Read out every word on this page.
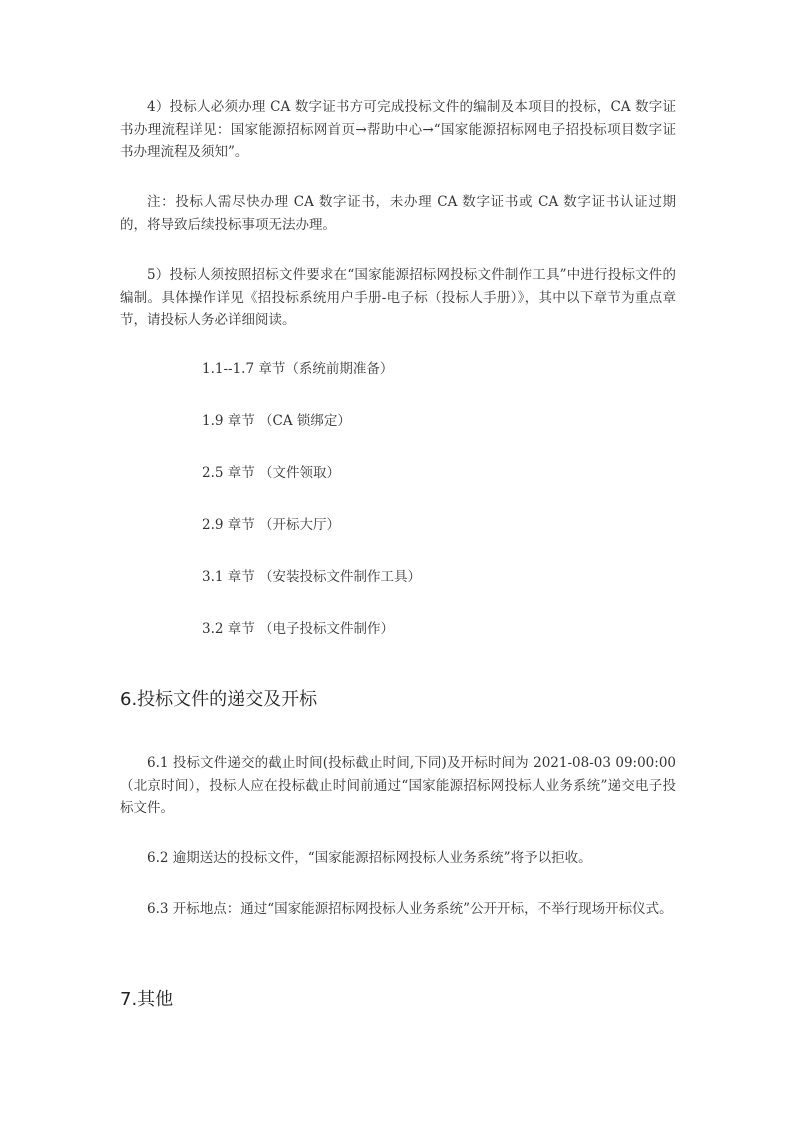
4）投标人必须办理 CA 数字证书方可完成投标文件的编制及本项目的投标，CA 数字证书办理流程详见：国家能源招标网首页→帮助中心→“国家能源招标网电子招投标项目数字证书办理流程及须知”。

注：投标人需尽快办理 CA 数字证书，未办理 CA 数字证书或 CA 数字证书认证过期的，将导致后续投标事项无法办理。

5）投标人须按照招标文件要求在“国家能源招标网投标文件制作工具”中进行投标文件的编制。具体操作详见《招投标系统用户手册-电子标（投标人手册）》，其中以下章节为重点章节，请投标人务必详细阅读。

1.1--1.7 章节（系统前期准备）

1.9 章节 （CA 锁绑定）

2.5 章节 （文件领取）

2.9 章节 （开标大厅）

3.1 章节 （安装投标文件制作工具）

3.2 章节 （电子投标文件制作）

6.投标文件的递交及开标

6.1 投标文件递交的截止时间(投标截止时间,下同)及开标时间为 2021-08-03 09:00:00（北京时间），投标人应在投标截止时间前通过“国家能源招标网投标人业务系统”递交电子投标文件。

6.2 逾期送达的投标文件，“国家能源招标网投标人业务系统”将予以拒收。

6.3 开标地点：通过“国家能源招标网投标人业务系统”公开开标，不举行现场开标仪式。

7.其他
